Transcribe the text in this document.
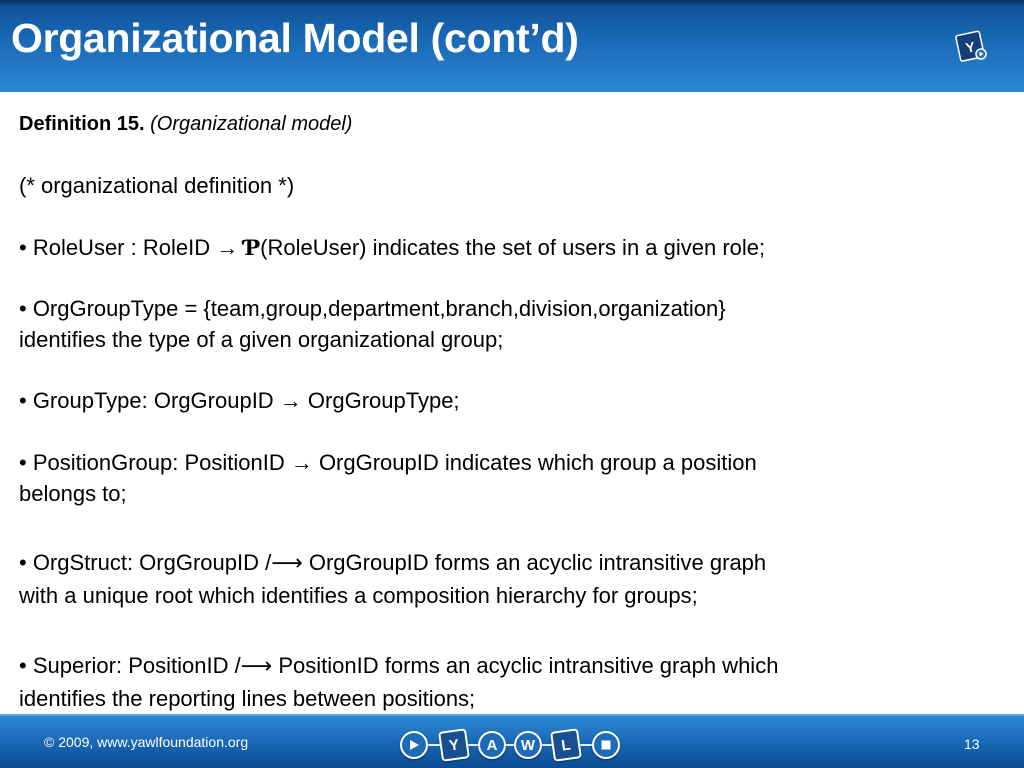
Organizational Model (cont’d)	Y
Definition 15. (Organizational model)
(* organizational definition *)
• RoleUser : RoleID → Ƥ(RoleUser) indicates the set of users in a given role;
• OrgGroupType = {team,group,department,branch,division,organization}
identifies the type of a given organizational group;
• GroupType: OrgGroupID → OrgGroupType;
• PositionGroup: PositionID → OrgGroupID indicates which group a position
belongs to;
• OrgStruct: OrgGroupID /⟶ OrgGroupID forms an acyclic intransitive graph
with a unique root which identifies a composition hierarchy for groups;
• Superior: PositionID /⟶ PositionID forms an acyclic intransitive graph which
identifies the reporting lines between positions;
© 2009, www.yawlfoundation.org	13
Y A W L
